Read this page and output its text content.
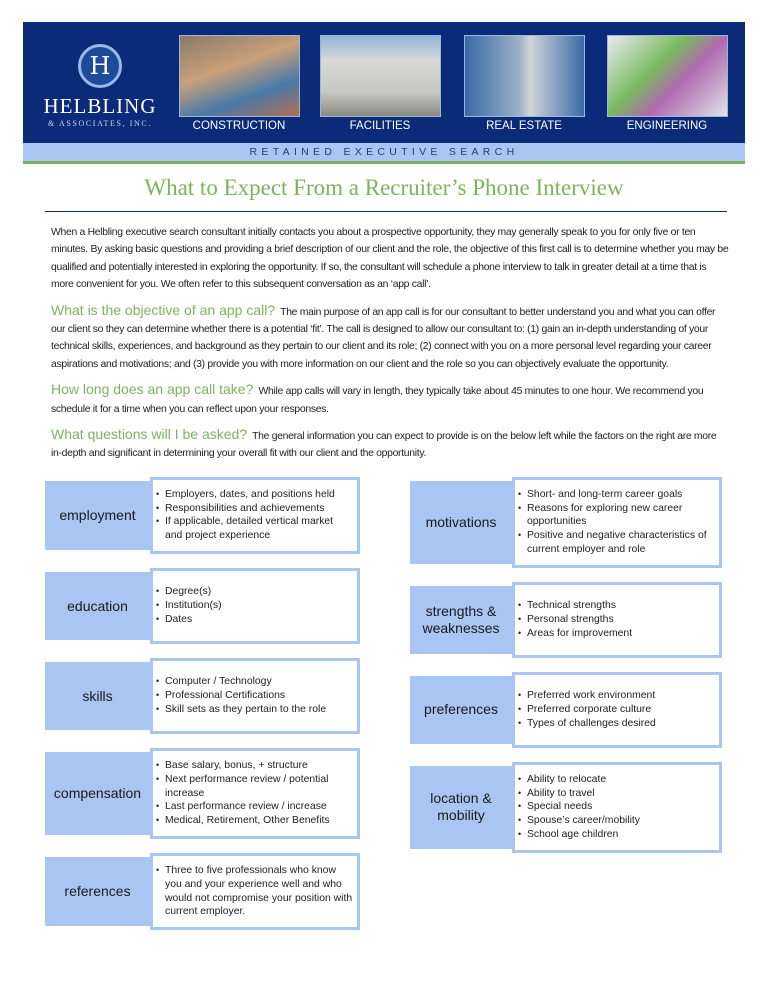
H
HELBLING
& ASSOCIATES, INC.	CONSTRUCTION	FACILITIES	REAL ESTATE	ENGINEERING
RETAINED EXECUTIVE SEARCH
What to Expect From a Recruiter’s Phone Interview

When a Helbling executive search consultant initially contacts you about a prospective opportunity, they may generally speak to you for only five or ten minutes. By asking basic questions and providing a brief description of our client and the role, the objective of this first call is to determine whether you may be qualified and potentially interested in exploring the opportunity. If so, the consultant will schedule a phone interview to talk in greater detail at a time that is more convenient for you. We often refer to this subsequent conversation as an ‘app call’.

What is the objective of an app call? The main purpose of an app call is for our consultant to better understand you and what you can offer our client so they can determine whether there is a potential ‘fit’. The call is designed to allow our consultant to: (1) gain an in-depth understanding of your technical skills, experiences, and background as they pertain to our client and its role; (2) connect with you on a more personal level regarding your career aspirations and motivations; and (3) provide you with more information on our client and the role so you can objectively evaluate the opportunity.

How long does an app call take? While app calls will vary in length, they typically take about 45 minutes to one hour. We recommend you schedule it for a time when you can reflect upon your responses.

What questions will I be asked? The general information you can expect to provide is on the below left while the factors on the right are more in-depth and significant in determining your overall fit with our client and the opportunity.

employment
• Employers, dates, and positions held
• Responsibilities and achievements
• If applicable, detailed vertical market and project experience
education
• Degree(s)
• Institution(s)
• Dates
skills
• Computer / Technology
• Professional Certifications
• Skill sets as they pertain to the role
compensation
• Base salary, bonus, + structure
• Next performance review / potential increase
• Last performance review / increase
• Medical, Retirement, Other Benefits
references
• Three to five professionals who know you and your experience well and who would not compromise your position with current employer.
motivations
• Short- and long-term career goals
• Reasons for exploring new career opportunities
• Positive and negative characteristics of current employer and role
strengths & weaknesses
• Technical strengths
• Personal strengths
• Areas for improvement
preferences
• Preferred work environment
• Preferred corporate culture
• Types of challenges desired
location & mobility
• Ability to relocate
• Ability to travel
• Special needs
• Spouse’s career/mobility
• School age children
